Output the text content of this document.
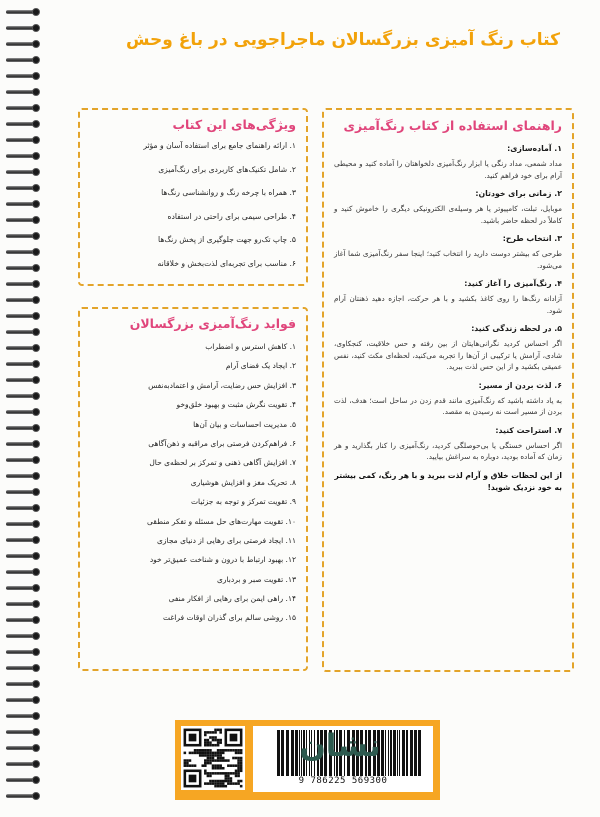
کتاب رنگ آمیزی بزرگسالان ماجراجویی در باغ وحش
ویژگی‌های این کتاب
۱. ارائه راهنمای جامع برای استفاده آسان و مؤثر
۲. شامل تکنیک‌های کاربردی برای رنگ‌آمیزی
۳. همراه با چرخه رنگ و روانشناسی رنگ‌ها
۴. طراحی سیمی برای راحتی در استفاده
۵. چاپ تک‌رو جهت جلوگیری از پخش رنگ‌ها
۶. مناسب برای تجربه‌ای لذت‌بخش و خلاقانه
فواید رنگ‌آمیزی بزرگسالان
۱. کاهش استرس و اضطراب
۲. ایجاد یک فضای آرام
۳. افزایش حس رضایت، آرامش و اعتماد‌به‌نفس
۴. تقویت نگرش مثبت و بهبود خلق‌وخو
۵. مدیریت احساسات و بیان آن‌ها
۶. فراهم‌کردن فرصتی برای مراقبه و ذهن‌آگاهی
۷. افزایش آگاهی ذهنی و تمرکز بر لحظه‌ی حال
۸. تحریک مغز و افزایش هوشیاری
۹. تقویت تمرکز و توجه به جزئیات
۱۰. تقویت مهارت‌های حل مسئله و تفکر منطقی
۱۱. ایجاد فرصتی برای رهایی از دنیای مجازی
۱۲. بهبود ارتباط با درون و شناخت عمیق‌تر خود
۱۳. تقویت صبر و بردباری
۱۴. راهی ایمن برای رهایی از افکار منفی
۱۵. روشی سالم برای گذران اوقات فراغت
راهنمای استفاده از کتاب رنگ‌آمیزی
۱. آماده‌سازی:
مداد شمعی، مداد رنگی یا ابزار رنگ‌آمیزی دلخواهتان را آماده کنید و محیطی آرام برای خود فراهم کنید.
۲. زمانی برای خودتان:
موبایل، تبلت، کامپیوتر یا هر وسیله‌ی الکترونیکی دیگری را خاموش کنید و کاملاً در لحظه حاضر باشید.
۳. انتخاب طرح:
طرحی که بیشتر دوست دارید را انتخاب کنید؛ اینجا سفر رنگ‌آمیزی شما آغاز می‌شود.
۴. رنگ‌آمیزی را آغاز کنید:
آزادانه رنگ‌ها را روی کاغذ بکشید و با هر حرکت، اجازه دهید ذهنتان آرام شود.
۵. در لحظه زندگی کنید:
اگر احساس کردید نگرانی‌هایتان از بین رفته و حس خلاقیت، کنجکاوی، شادی، آرامش یا ترکیبی از آن‌ها را تجربه می‌کنید، لحظه‌ای مکث کنید، نفس عمیقی بکشید و از این حس لذت ببرید.
۶. لذت بردن از مسیر:
به یاد داشته باشید که رنگ‌آمیزی مانند قدم زدن در ساحل است؛ هدف، لذت بردن از مسیر است نه رسیدن به مقصد.
۷. استراحت کنید:
اگر احساس خستگی یا بی‌حوصلگی کردید، رنگ‌آمیزی را کنار بگذارید و هر زمان که آماده بودید، دوباره به سراغش بیایید.
از این لحظات خلاق و آرام لذت ببرید و با هر رنگ، کمی بیشتر به خود نزدیک شوید!
9 786225 569300
نشان
